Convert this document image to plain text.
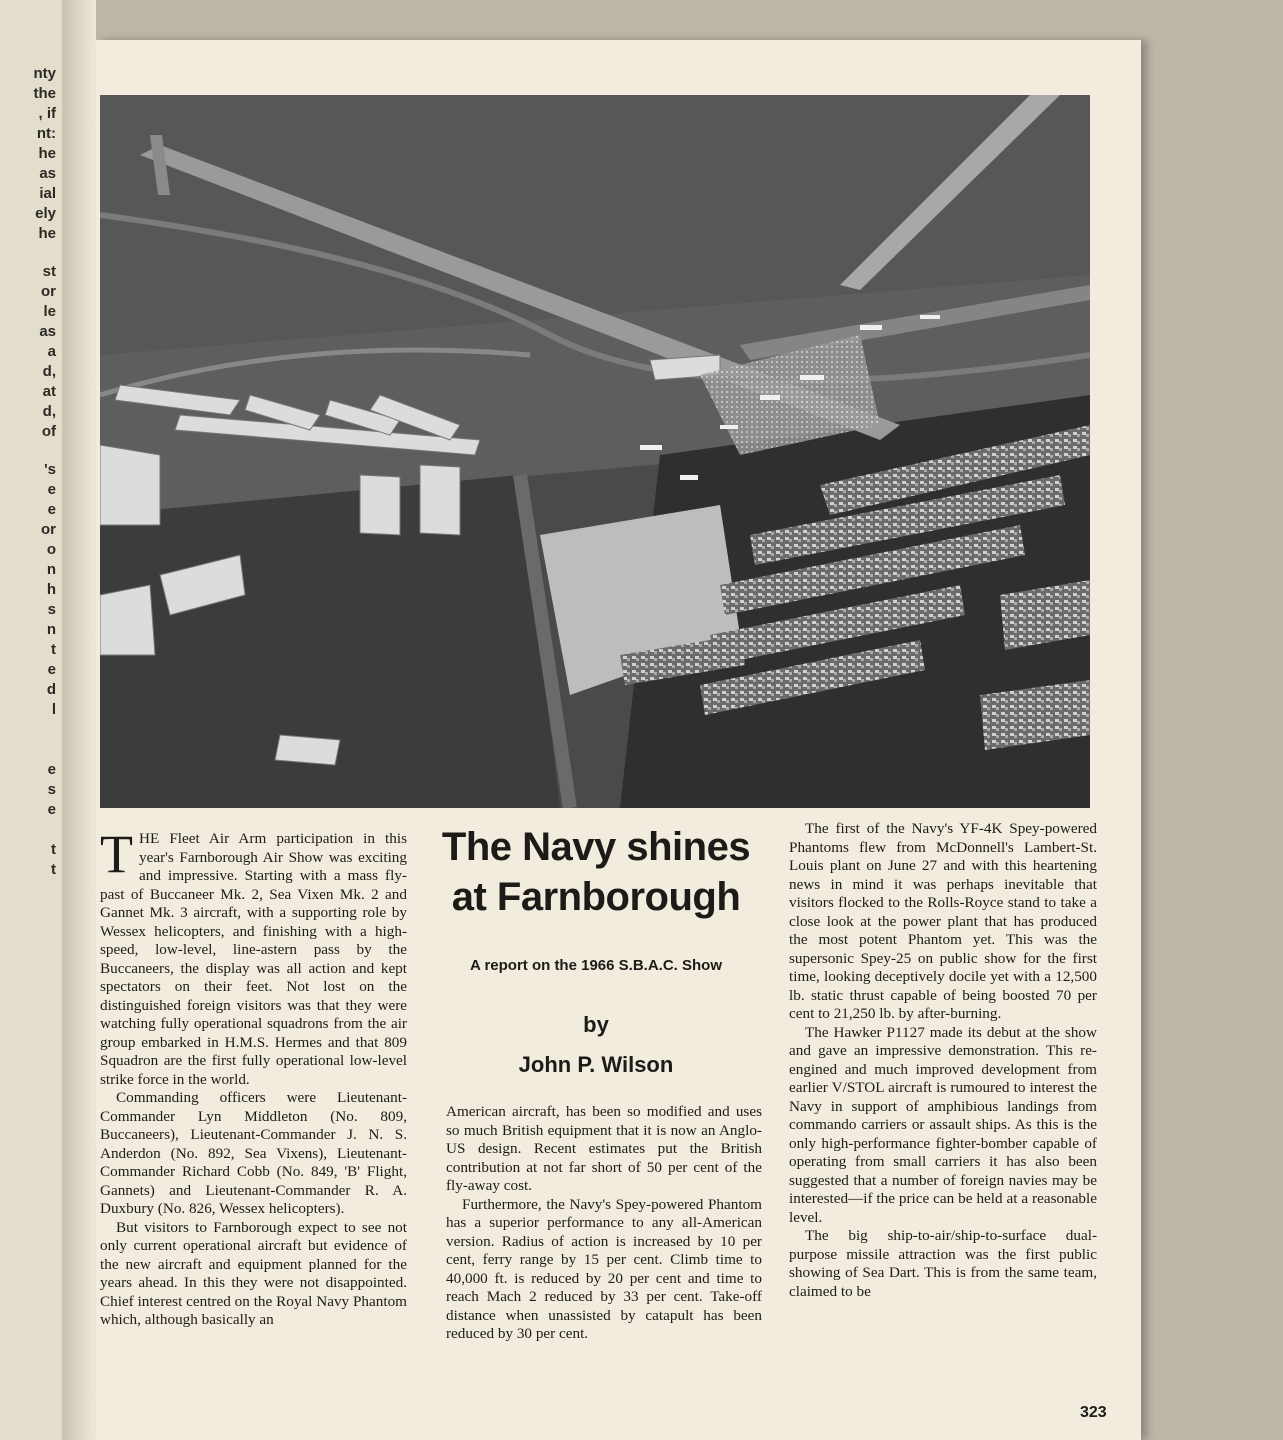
nty
the
, if
nt:
he
as
ial
ely
he
st
or
le
as
a
d,
at
d,
of
's
e
e
or
o
n
h
s
n
t
e
d
l
e
s
e
t
t THE Fleet Air Arm participation in this year's Farnborough Air Show was exciting and impressive. Starting with a mass fly-past of Buccaneer Mk. 2, Sea Vixen Mk. 2 and Gannet Mk. 3 aircraft, with a supporting role by Wessex helicopters, and finishing with a high-speed, low-level, line-astern pass by the Buccaneers, the display was all action and kept spectators on their feet. Not lost on the distinguished foreign visitors was that they were watching fully operational squadrons from the air group embarked in H.M.S. Hermes and that 809 Squadron are the first fully operational low-level strike force in the world.

Commanding officers were Lieutenant-Commander Lyn Middleton (No. 809, Buccaneers), Lieutenant-Commander J. N. S. Anderdon (No. 892, Sea Vixens), Lieutenant-Commander Richard Cobb (No. 849, 'B' Flight, Gannets) and Lieutenant-Commander R. A. Duxbury (No. 826, Wessex helicopters).

But visitors to Farnborough expect to see not only current operational aircraft but evidence of the new aircraft and equipment planned for the years ahead. In this they were not disappointed. Chief interest centred on the Royal Navy Phantom which, although basically an

The Navy shines
at Farnborough
A report on the 1966 S.B.A.C. Show
by
John P. Wilson

American aircraft, has been so modified and uses so much British equipment that it is now an Anglo-US design. Recent estimates put the British contribution at not far short of 50 per cent of the fly-away cost.

Furthermore, the Navy's Spey-powered Phantom has a superior performance to any all-American version. Radius of action is increased by 10 per cent, ferry range by 15 per cent. Climb time to 40,000 ft. is reduced by 20 per cent and time to reach Mach 2 reduced by 33 per cent. Take-off distance when unassisted by catapult has been reduced by 30 per cent.

The first of the Navy's YF-4K Spey-powered Phantoms flew from McDonnell's Lambert-St. Louis plant on June 27 and with this heartening news in mind it was perhaps inevitable that visitors flocked to the Rolls-Royce stand to take a close look at the power plant that has produced the most potent Phantom yet. This was the supersonic Spey-25 on public show for the first time, looking deceptively docile yet with a 12,500 lb. static thrust capable of being boosted 70 per cent to 21,250 lb. by after-burning.

The Hawker P1127 made its debut at the show and gave an impressive demonstration. This re-engined and much improved development from earlier V/STOL aircraft is rumoured to interest the Navy in support of amphibious landings from commando carriers or assault ships. As this is the only high-performance fighter-bomber capable of operating from small carriers it has also been suggested that a number of foreign navies may be interested—if the price can be held at a reasonable level.

The big ship-to-air/ship-to-surface dual-purpose missile attraction was the first public showing of Sea Dart. This is from the same team, claimed to be

323
